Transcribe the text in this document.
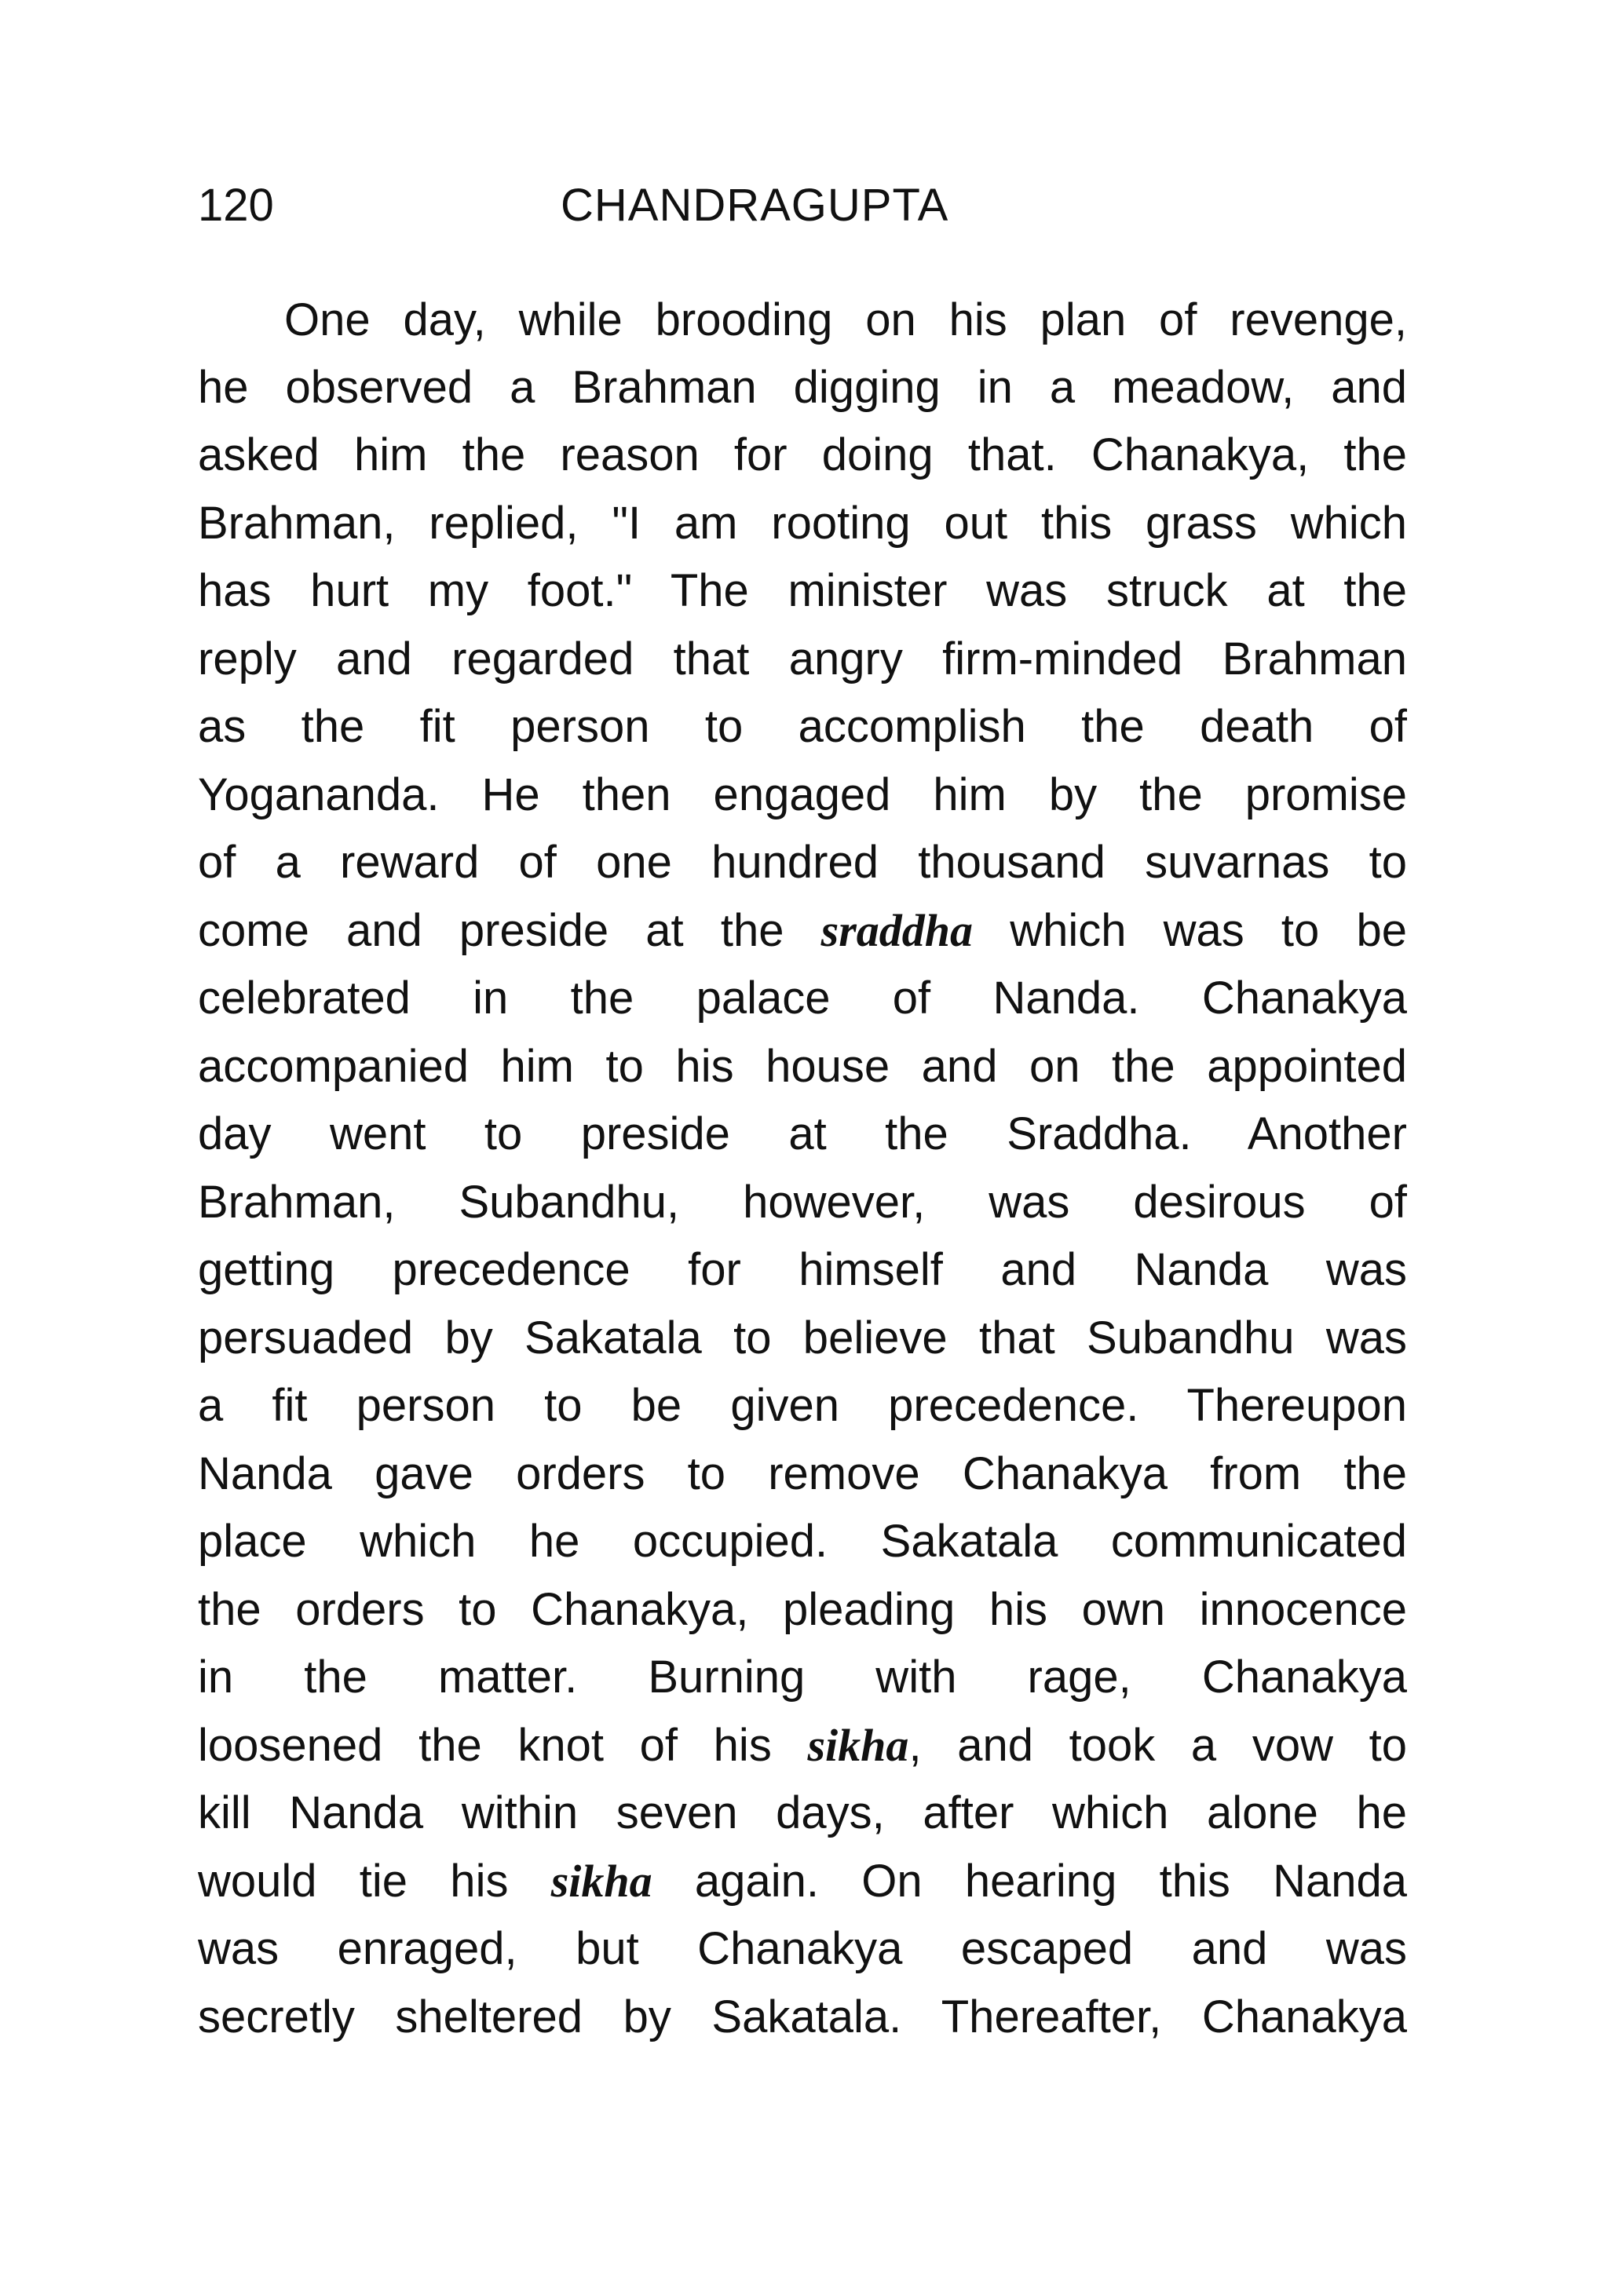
120	CHANDRAGUPTA
One day, while brooding on his plan of revenge,
he observed a Brahman digging in a meadow, and
asked him the reason for doing that. Chanakya, the
Brahman, replied, "I am rooting out this grass which
has hurt my foot." The minister was struck at the
reply and regarded that angry firm-minded Brahman
as the fit person to accomplish the death of
Yogananda. He then engaged him by the promise
of a reward of one hundred thousand suvarnas to
come and preside at the sraddha which was to be
celebrated in the palace of Nanda. Chanakya
accompanied him to his house and on the appointed
day went to preside at the Sraddha. Another
Brahman, Subandhu, however, was desirous of
getting precedence for himself and Nanda was
persuaded by Sakatala to believe that Subandhu was
a fit person to be given precedence. Thereupon
Nanda gave orders to remove Chanakya from the
place which he occupied. Sakatala communicated
the orders to Chanakya, pleading his own innocence
in the matter. Burning with rage, Chanakya
loosened the knot of his sikha, and took a vow to
kill Nanda within seven days, after which alone he
would tie his sikha again. On hearing this Nanda
was enraged, but Chanakya escaped and was
secretly sheltered by Sakatala. Thereafter, Chanakya
